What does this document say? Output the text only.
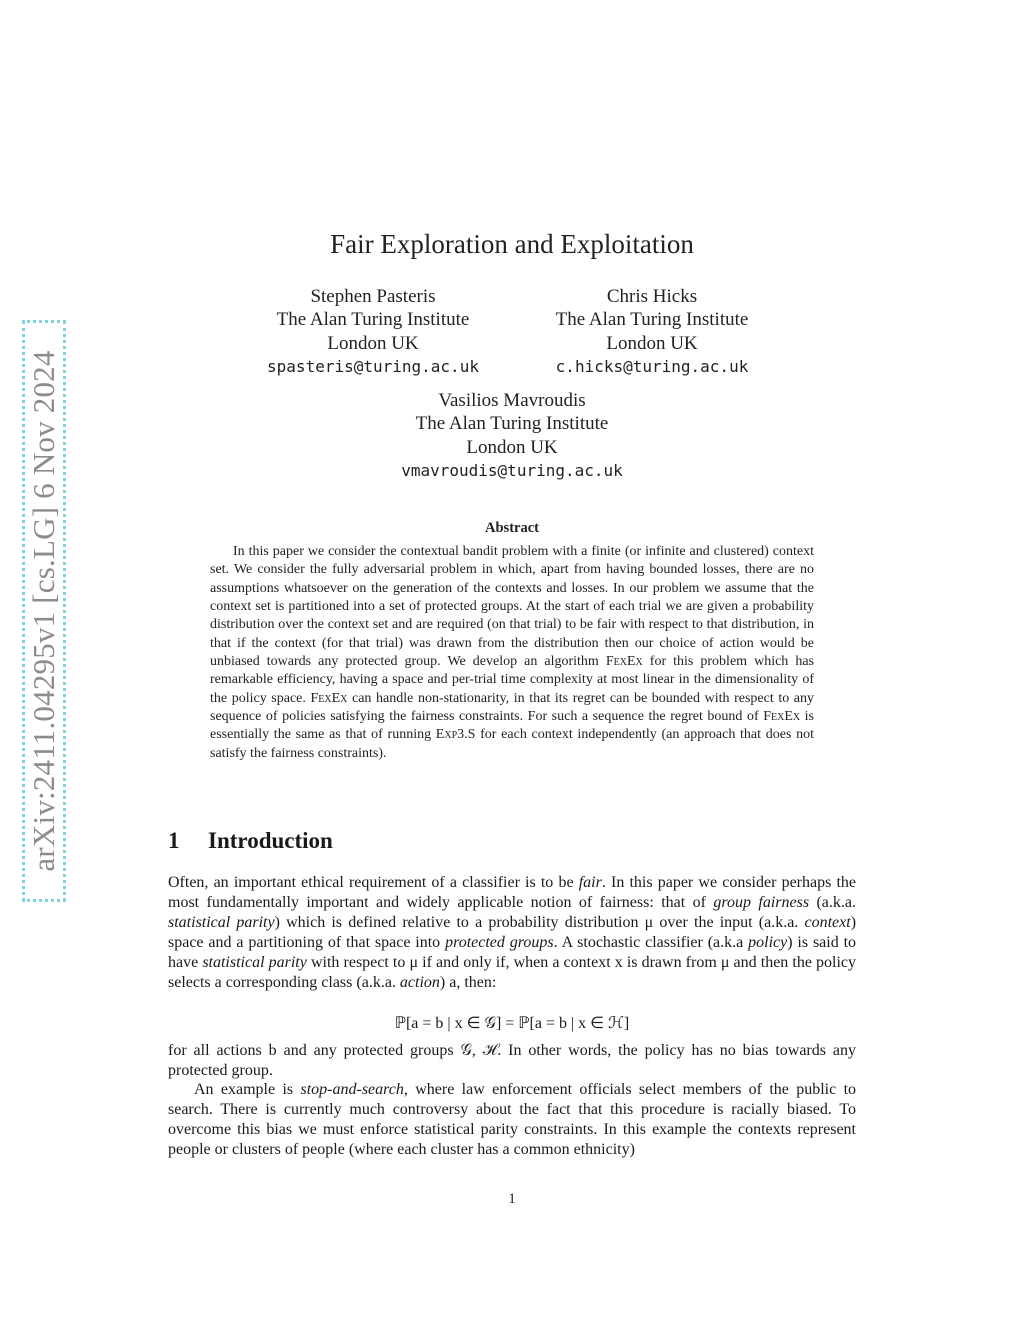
arXiv:2411.04295v1 [cs.LG] 6 Nov 2024
Fair Exploration and Exploitation
Stephen Pasteris
The Alan Turing Institute
London UK
spasteris@turing.ac.uk
Chris Hicks
The Alan Turing Institute
London UK
c.hicks@turing.ac.uk
Vasilios Mavroudis
The Alan Turing Institute
London UK
vmavroudis@turing.ac.uk
Abstract
In this paper we consider the contextual bandit problem with a finite (or infinite and clustered) context set. We consider the fully adversarial problem in which, apart from having bounded losses, there are no assumptions whatsoever on the generation of the contexts and losses. In our problem we assume that the context set is partitioned into a set of protected groups. At the start of each trial we are given a probability distribution over the context set and are required (on that trial) to be fair with respect to that distribution, in that if the context (for that trial) was drawn from the distribution then our choice of action would be unbiased towards any protected group. We develop an algorithm FexEx for this problem which has remarkable efficiency, having a space and per-trial time complexity at most linear in the dimensionality of the policy space. FexEx can handle non-stationarity, in that its regret can be bounded with respect to any sequence of policies satisfying the fairness constraints. For such a sequence the regret bound of FexEx is essentially the same as that of running Exp3.S for each context independently (an approach that does not satisfy the fairness constraints).
1 Introduction
Often, an important ethical requirement of a classifier is to be fair. In this paper we consider perhaps the most fundamentally important and widely applicable notion of fairness: that of group fairness (a.k.a. statistical parity) which is defined relative to a probability distribution μ over the input (a.k.a. context) space and a partitioning of that space into protected groups. A stochastic classifier (a.k.a policy) is said to have statistical parity with respect to μ if and only if, when a context x is drawn from μ and then the policy selects a corresponding class (a.k.a. action) a, then:
ℙ[a = b | x ∈ 𝒢] = ℙ[a = b | x ∈ ℋ]
for all actions b and any protected groups 𝒢, ℋ. In other words, the policy has no bias towards any protected group.
An example is stop-and-search, where law enforcement officials select members of the public to search. There is currently much controversy about the fact that this procedure is racially biased. To overcome this bias we must enforce statistical parity constraints. In this example the contexts represent people or clusters of people (where each cluster has a common ethnicity)
1
